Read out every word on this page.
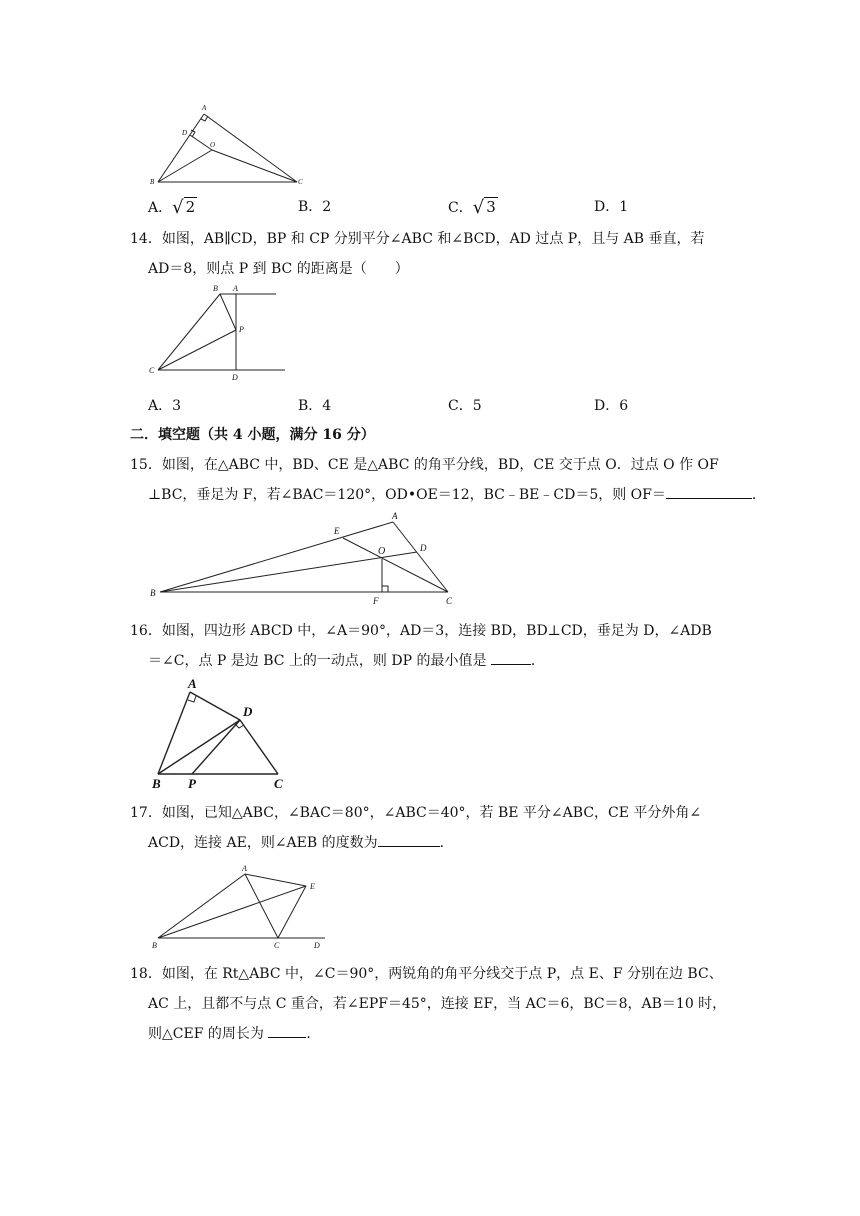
A
D
O
B	C
A．√ 2	B．2	C．√ 3	D．1
14．如图，AB∥CD，BP 和 CP 分别平分∠ABC 和∠BCD，AD 过点 P，且与 AB 垂直，若
AD＝8，则点 P 到 BC 的距离是（　　）
B A
P
C
D
A．3	B．4	C．5	D．6
二．填空题（共 4 小题，满分 16 分）
15．如图，在△ABC 中，BD、CE 是△ABC 的角平分线，BD，CE 交于点 O．过点 O 作 OF
⊥BC，垂足为 F，若∠BAC＝120°，OD•OE＝12，BC﹣BE﹣CD＝5，则 OF＝	．
E
A
O	D
B
F	C
16．如图，四边形 ABCD 中，∠A＝90°，AD＝3，连接 BD，BD⊥CD，垂足为 D，∠ADB
＝∠C，点 P 是边 BC 上的一动点，则 DP 的最小值是	．
A
D
B P	C
17．如图，已知△ABC，∠BAC＝80°，∠ABC＝40°，若 BE 平分∠ABC，CE 平分外角∠
ACD，连接 AE，则∠AEB 的度数为	．
A
E
B	C	D
18．如图，在 Rt△ABC 中，∠C＝90°，两锐角的角平分线交于点 P，点 E、F 分别在边 BC、
AC 上，且都不与点 C 重合，若∠EPF＝45°，连接 EF，当 AC＝6，BC＝8，AB＝10 时，
则△CEF 的周长为	．
